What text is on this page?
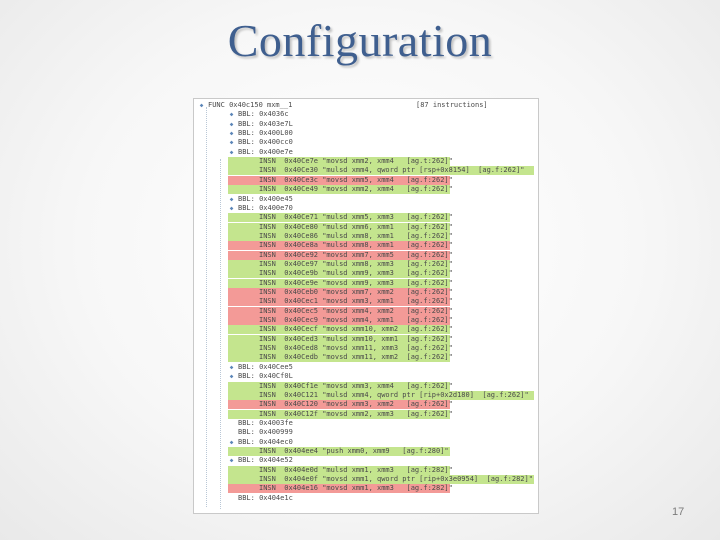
Configuration
◆ FUNC 0x40c150 mxm__1	[87 instructions]
◆ BBL: 0x4036c
◆ BBL: 0x403e7L
◆ BBL: 0x400L00
◆ BBL: 0x400cc0
◆ BBL: 0x400e7e
INSN  0x40Ce7e "movsd xmm2, xmm4   [ag.t:262]"
INSN  0x40Ce30 "mulsd xmm4, qword ptr [rsp+0x8154]  [ag.f:262]"
INSN  0x40Ce3c "movsd xmm5, xmm4   [ag.f:262]"
INSN  0x40Ce49 "movsd xmm2, xmm4   [ag.f:262]"
◆ BBL: 0x400e45
◆ BBL: 0x400e70
INSN  0x40Ce71 "mulsd xmm5, xmm3   [ag.f:262]"
INSN  0x40Ce80 "mulsd xmm6, xmm1   [ag.f:262]"
INSN  0x40Ce86 "mulsd xmm8, xmm1   [ag.f:262]"
INSN  0x40Ce8a "mulsd xmm8, xmm1   [ag.f:262]"
INSN  0x40Ce92 "movsd xmm7, xmm5   [ag.f:262]"
INSN  0x40Ce97 "mulsd xmm8, xmm3   [ag.f:262]"
INSN  0x40Ce9b "mulsd xmm9, xmm3   [ag.f:262]"
INSN  0x40Ce9e "movsd xmm9, xmm3   [ag.f:262]"
INSN  0x40Ceb0 "movsd xmm7, xmm2   [ag.f:262]"
INSN  0x40Cec1 "movsd xmm3, xmm1   [ag.f:262]"
INSN  0x40Cec5 "movsd xmm4, xmm2   [ag.f:262]"
INSN  0x40Cec9 "movsd xmm4, xmm1   [ag.f:262]"
INSN  0x40Cecf "movsd xmm10, xmm2  [ag.f:262]"
INSN  0x40Ced3 "mulsd xmm10, xmm1  [ag.f:262]"
INSN  0x40Ced8 "movsd xmm11, xmm3  [ag.f:262]"
INSN  0x40Cedb "movsd xmm11, xmm2  [ag.f:262]"
◆ BBL: 0x40Cee5
◆ BBL: 0x40Cf0L
INSN  0x40Cf1e "movsd xmm3, xmm4   [ag.f:262]"
INSN  0x40C121 "mulsd xmm4, qword ptr [rip+0x2d180]  [ag.f:262]"
INSN  0x40C120 "movsd xmm3, xmm2   [ag.f:262]"
INSN  0x40C12f "movsd xmm2, xmm3   [ag.f:262]"
BBL: 0x4003fe
BBL: 0x400999
◆ BBL: 0x404ec0
INSN  0x404ee4 "push xmm0, xmm9   [ag.f:280]"
◆ BBL: 0x404e52
INSN  0x404e0d "mulsd xmm1, xmm3   [ag.f:282]"
INSN  0x404e0f "movsd xmm1, qword ptr [rip+0x3e0954]  [ag.f:282]"
INSN  0x404e16 "movsd xmm1, xmm3   [ag.f:282]"
BBL: 0x404e1c
17
